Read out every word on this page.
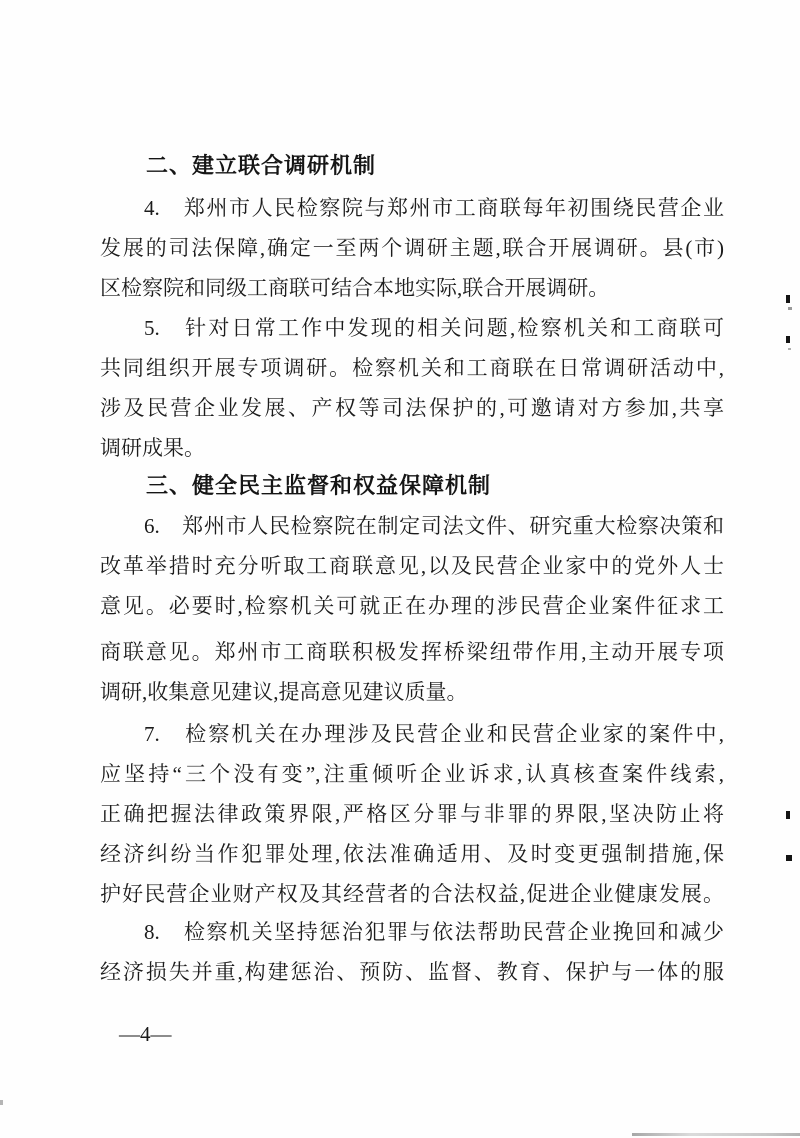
二、建立联合调研机制
4.　郑州市人民检察院与郑州市工商联每年初围绕民营企业
发展的司法保障,确定一至两个调研主题,联合开展调研。县(市)
区检察院和同级工商联可结合本地实际,联合开展调研。
5.　针对日常工作中发现的相关问题,检察机关和工商联可
共同组织开展专项调研。检察机关和工商联在日常调研活动中,
涉及民营企业发展、产权等司法保护的,可邀请对方参加,共享
调研成果。
三、健全民主监督和权益保障机制
6.　郑州市人民检察院在制定司法文件、研究重大检察决策和
改革举措时充分听取工商联意见,以及民营企业家中的党外人士
意见。必要时,检察机关可就正在办理的涉民营企业案件征求工
商联意见。郑州市工商联积极发挥桥梁纽带作用,主动开展专项
调研,收集意见建议,提高意见建议质量。
7.　检察机关在办理涉及民营企业和民营企业家的案件中,
应坚持“三个没有变”,注重倾听企业诉求,认真核查案件线索,
正确把握法律政策界限,严格区分罪与非罪的界限,坚决防止将
经济纠纷当作犯罪处理,依法准确适用、及时变更强制措施,保
护好民营企业财产权及其经营者的合法权益,促进企业健康发展。
8.　检察机关坚持惩治犯罪与依法帮助民营企业挽回和减少
经济损失并重,构建惩治、预防、监督、教育、保护与一体的服
—4—
